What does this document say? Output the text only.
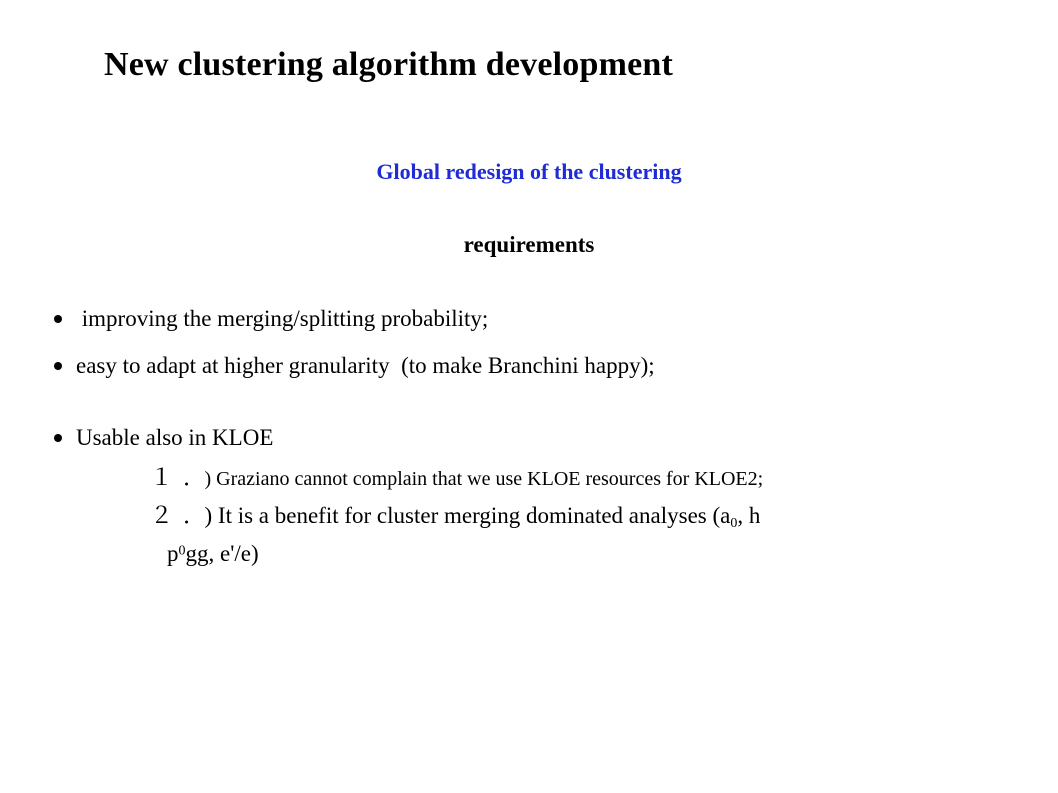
New clustering algorithm development
Global redesign of the clustering
requirements
improving the merging/splitting probability;
easy to adapt at higher granularity  (to make Branchini happy);
Usable also in KLOE
１．) Graziano cannot complain that we use KLOE resources for KLOE2;
２．) It is a benefit for cluster merging dominated analyses ($a_0$, h
$p^0gg$, e'/e)
